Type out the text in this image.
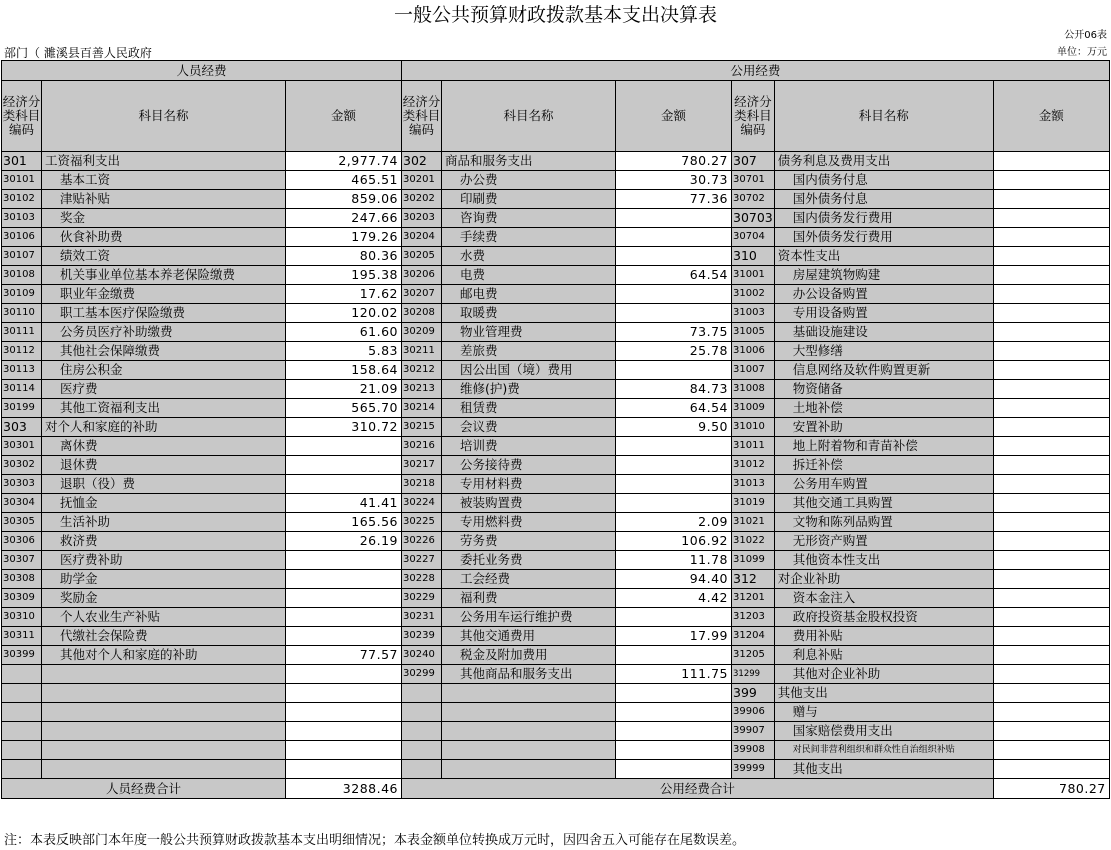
一般公共预算财政拨款基本支出决算表
公开06表
部门（ 濉溪县百善人民政府	单位：万元
人员经费			公用经费					
经济分类科目编码	科目名称	金额	经济分类科目编码	科目名称	金额	经济分类科目编码	科目名称	金额
301	工资福利支出	2,977.74	302	商品和服务支出	780.27	307	债务利息及费用支出	
30101	基本工资	465.51	30201	办公费	30.73	30701	国内债务付息	
30102	津贴补贴	859.06	30202	印刷费	77.36	30702	国外债务付息	
30103	奖金	247.66	30203	咨询费		30703	国内债务发行费用	
30106	伙食补助费	179.26	30204	手续费		30704	国外债务发行费用	
30107	绩效工资	80.36	30205	水费		310	资本性支出	
30108	机关事业单位基本养老保险缴费	195.38	30206	电费	64.54	31001	房屋建筑物购建	
30109	职业年金缴费	17.62	30207	邮电费		31002	办公设备购置	
30110	职工基本医疗保险缴费	120.02	30208	取暖费		31003	专用设备购置	
30111	公务员医疗补助缴费	61.60	30209	物业管理费	73.75	31005	基础设施建设	
30112	其他社会保障缴费	5.83	30211	差旅费	25.78	31006	大型修缮	
30113	住房公积金	158.64	30212	因公出国（境）费用		31007	信息网络及软件购置更新	
30114	医疗费	21.09	30213	维修(护)费	84.73	31008	物资储备	
30199	其他工资福利支出	565.70	30214	租赁费	64.54	31009	土地补偿	
303	对个人和家庭的补助	310.72	30215	会议费	9.50	31010	安置补助	
30301	离休费		30216	培训费		31011	地上附着物和青苗补偿	
30302	退休费		30217	公务接待费		31012	拆迁补偿	
30303	退职（役）费		30218	专用材料费		31013	公务用车购置	
30304	抚恤金	41.41	30224	被装购置费		31019	其他交通工具购置	
30305	生活补助	165.56	30225	专用燃料费	2.09	31021	文物和陈列品购置	
30306	救济费	26.19	30226	劳务费	106.92	31022	无形资产购置	
30307	医疗费补助		30227	委托业务费	11.78	31099	其他资本性支出	
30308	助学金		30228	工会经费	94.40	312	对企业补助	
30309	奖励金		30229	福利费	4.42	31201	资本金注入	
30310	个人农业生产补贴		30231	公务用车运行维护费		31203	政府投资基金股权投资	
30311	代缴社会保险费		30239	其他交通费用	17.99	31204	费用补贴	
30399	其他对个人和家庭的补助	77.57	30240	税金及附加费用		31205	利息补贴	
			30299	其他商品和服务支出	111.75	31299	其他对企业补助	
						399	其他支出	
						39906	赠与	
						39907	国家赔偿费用支出	
						39908	对民间非营利组织和群众性自治组织补贴	
						39999	其他支出	
人员经费合计		3288.46	公用经费合计					780.27
注：本表反映部门本年度一般公共预算财政拨款基本支出明细情况；本表金额单位转换成万元时，因四舍五入可能存在尾数误差。
